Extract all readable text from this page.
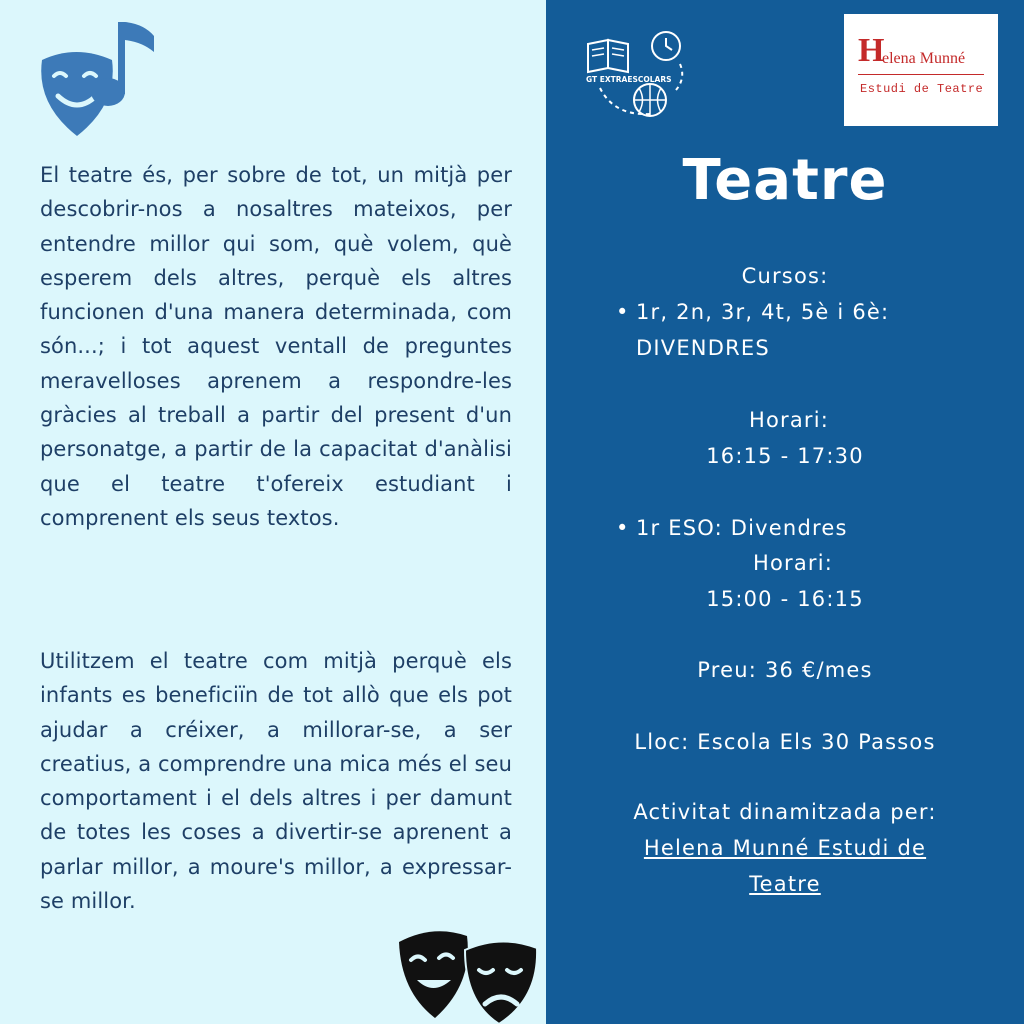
El teatre és, per sobre de tot, un mitjà per descobrir-nos a nosaltres mateixos, per entendre millor qui som, què volem, què esperem dels altres, perquè els altres funcionen d'una manera determinada, com són...; i tot aquest ventall de preguntes meravelloses aprenem a respondre-les gràcies al treball a partir del present d'un personatge, a partir de la capacitat d'anàlisi que el teatre t'ofereix estudiant i comprenent els seus textos.

Utilitzem el teatre com mitjà perquè els infants es beneficiïn de tot allò que els pot ajudar a créixer, a millorar-se, a ser creatius, a comprendre una mica més el seu comportament i el dels altres i per damunt de totes les coses a divertir-se aprenent a parlar millor, a moure's millor, a expressar-se millor.

GT EXTRAESCOLARS
H
elena Munné
Estudi de Teatre
Teatre
Cursos:
• 1r, 2n, 3r, 4t, 5è i 6è:
DIVENDRES
Horari:
16:15 - 17:30
• 1r ESO: Divendres
Horari:
15:00 - 16:15
Preu: 36 €/mes
Lloc: Escola Els 30 Passos
Activitat dinamitzada per:
Helena Munné Estudi de
Teatre
